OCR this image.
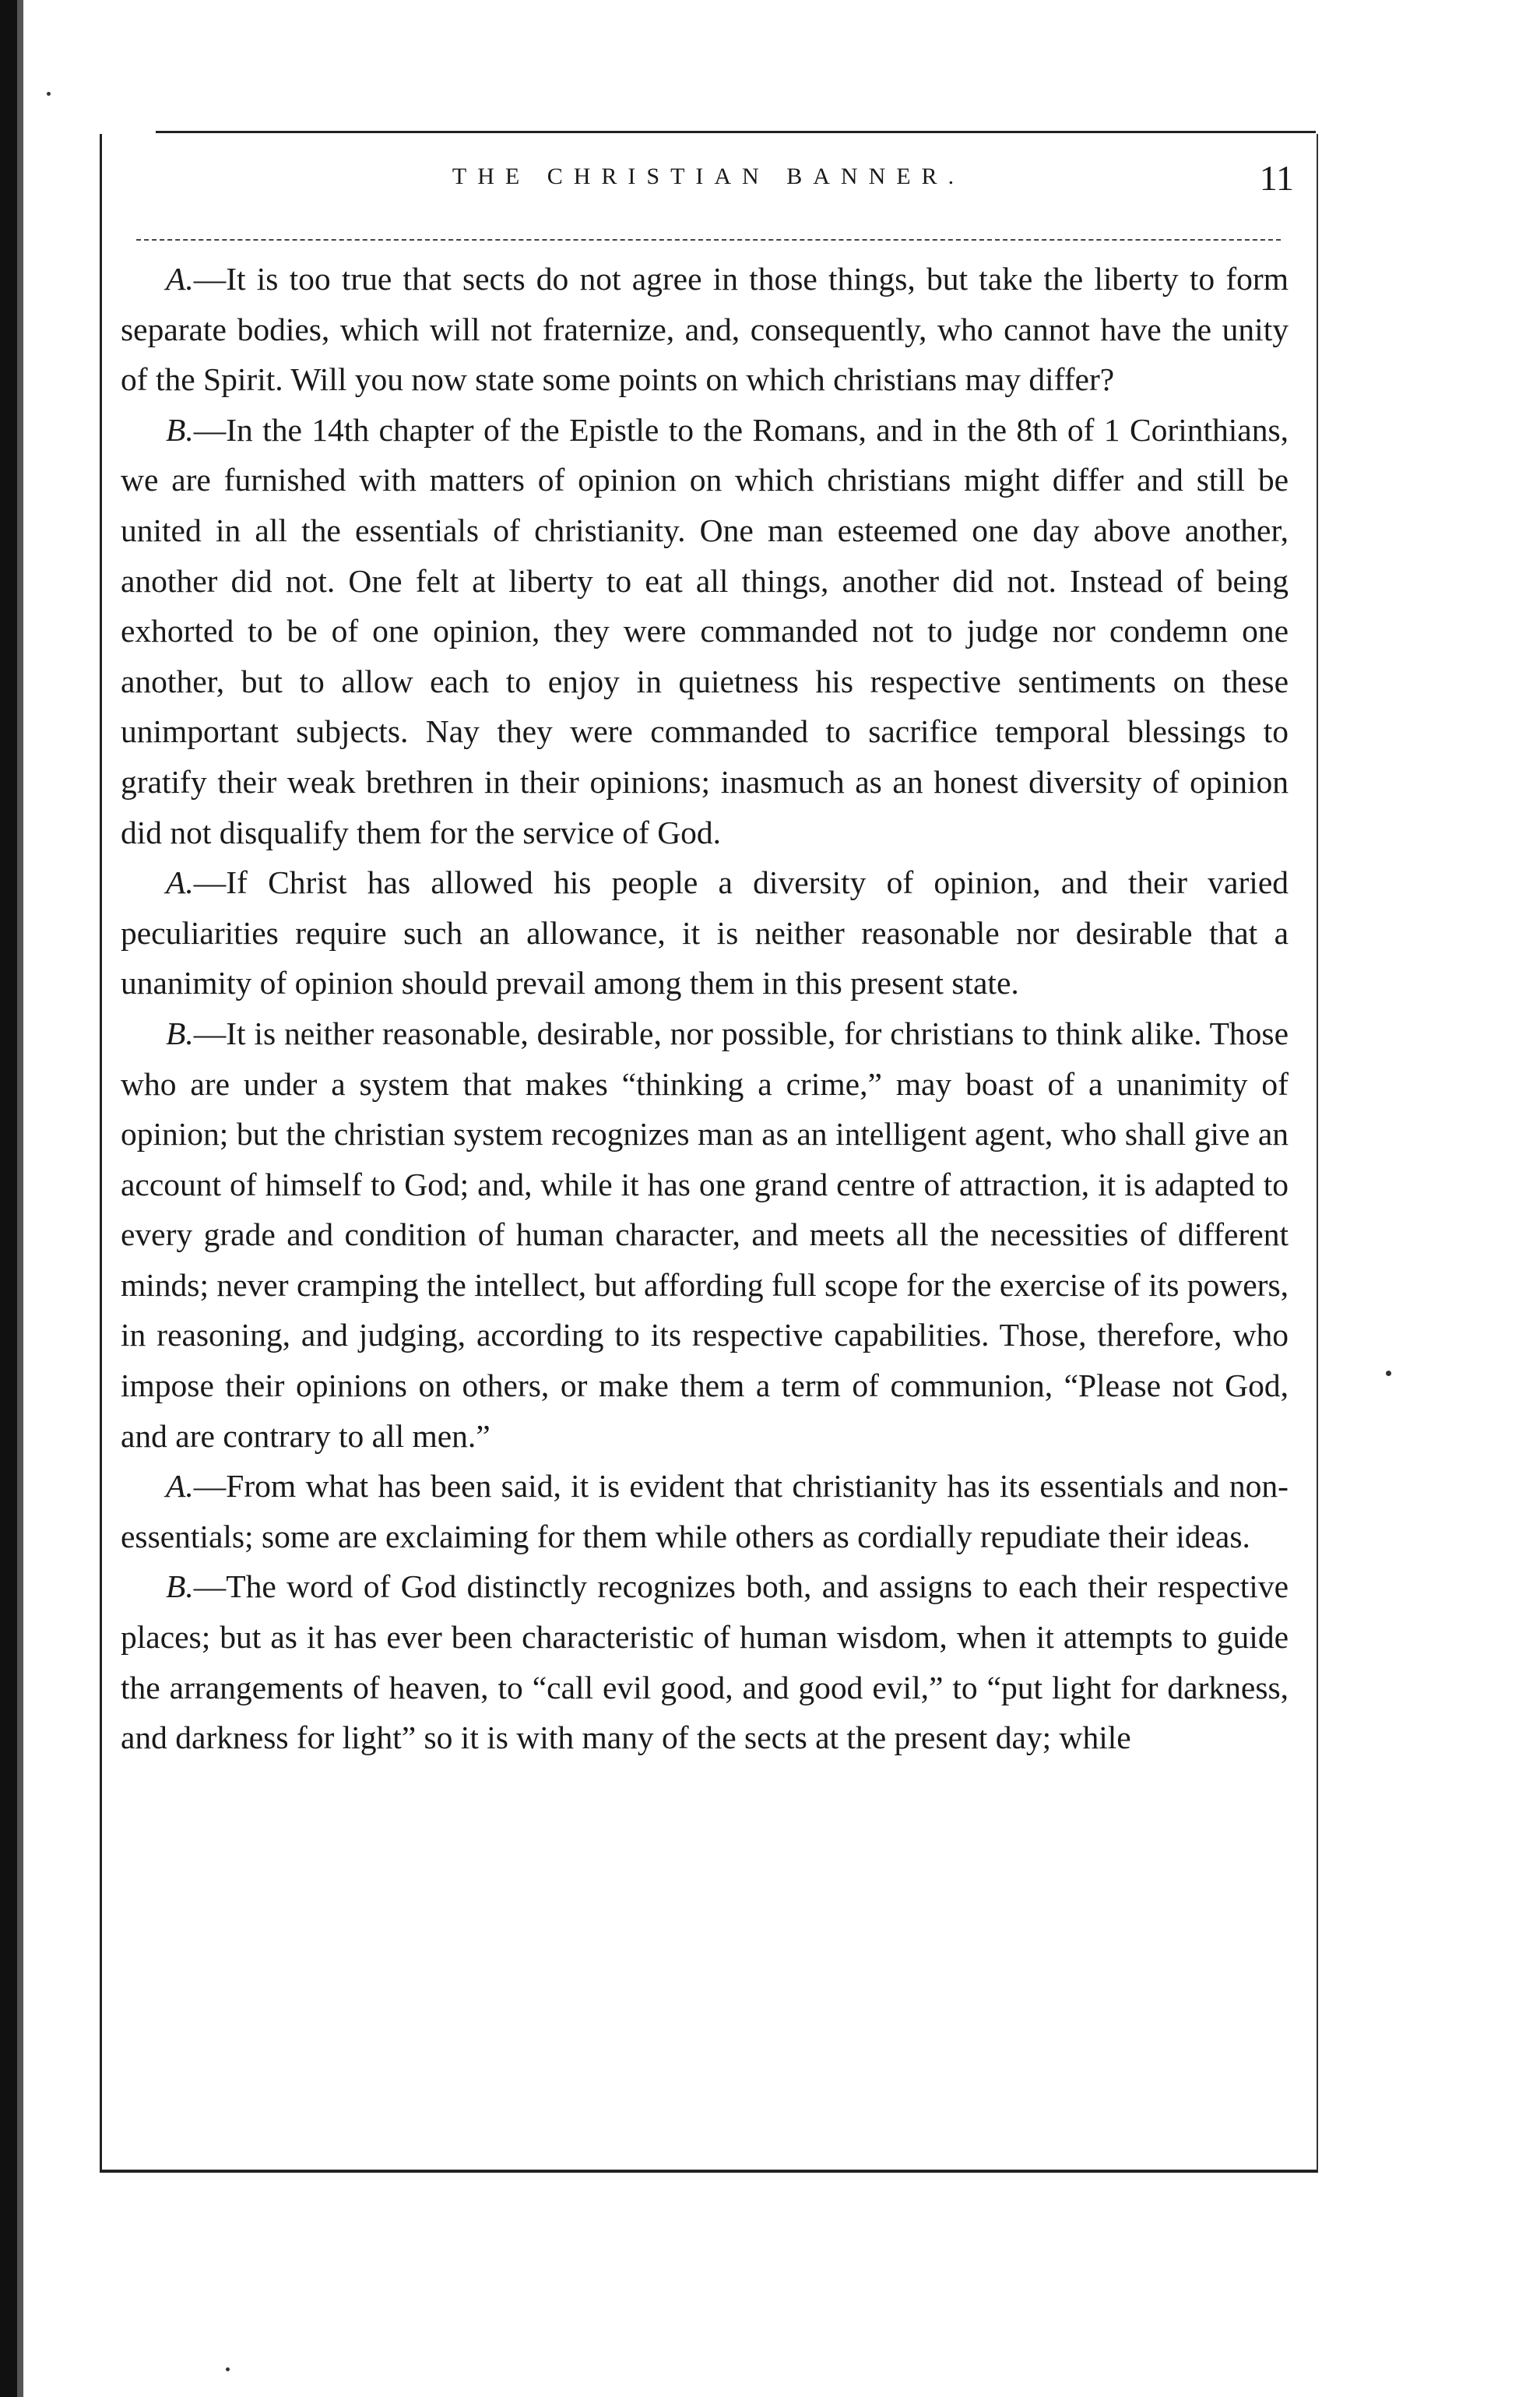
THE CHRISTIAN BANNER.	11

A.—It is too true that sects do not agree in those things, but take the liberty to form separate bodies, which will not fraternize, and, consequently, who cannot have the unity of the Spirit. Will you now state some points on which christians may differ?

B.—In the 14th chapter of the Epistle to the Romans, and in the 8th of 1 Corinthians, we are furnished with matters of opinion on which christians might differ and still be united in all the essentials of christianity. One man esteemed one day above another, another did not. One felt at liberty to eat all things, another did not. Instead of being exhorted to be of one opinion, they were commanded not to judge nor condemn one another, but to allow each to enjoy in quietness his respective sentiments on these unimportant subjects. Nay they were commanded to sacrifice temporal blessings to gratify their weak brethren in their opinions; inasmuch as an honest diversity of opinion did not disqualify them for the service of God.

A.—If Christ has allowed his people a diversity of opinion, and their varied peculiarities require such an allowance, it is neither reasonable nor desirable that a unanimity of opinion should prevail among them in this present state.

B.—It is neither reasonable, desirable, nor possible, for christians to think alike. Those who are under a system that makes “thinking a crime,” may boast of a unanimity of opinion; but the christian system recognizes man as an intelligent agent, who shall give an account of himself to God; and, while it has one grand centre of attraction, it is adapted to every grade and condition of human character, and meets all the necessities of different minds; never cramping the intellect, but affording full scope for the exercise of its powers, in reasoning, and judging, according to its respective capabilities. Those, therefore, who impose their opinions on others, or make them a term of communion, “Please not God, and are contrary to all men.”

A.—From what has been said, it is evident that christianity has its essentials and non-essentials; some are exclaiming for them while others as cordially repudiate their ideas.

B.—The word of God distinctly recognizes both, and assigns to each their respective places; but as it has ever been characteristic of human wisdom, when it attempts to guide the arrangements of heaven, to “call evil good, and good evil,” to “put light for darkness, and darkness for light” so it is with many of the sects at the present day; while
